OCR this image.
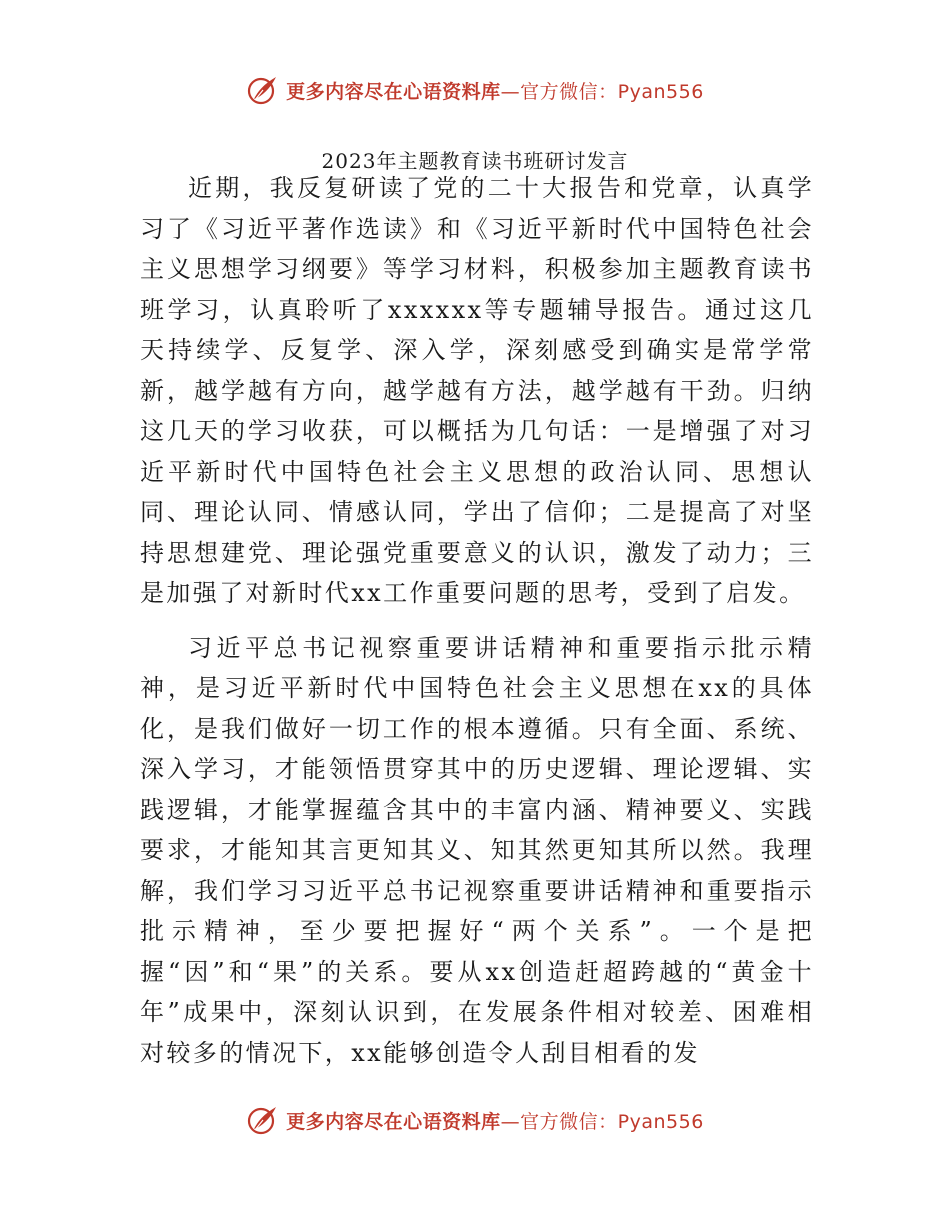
更多内容尽在心语资料库—官方微信：Pyan556
2023年主题教育读书班研讨发言

近期，我反复研读了党的二十大报告和党章，认真学习了《习近平著作选读》和《习近平新时代中国特色社会主义思想学习纲要》等学习材料，积极参加主题教育读书班学习，认真聆听了xxxxxx等专题辅导报告。通过这几天持续学、反复学、深入学，深刻感受到确实是常学常新，越学越有方向，越学越有方法，越学越有干劲。归纳这几天的学习收获，可以概括为几句话：一是增强了对习近平新时代中国特色社会主义思想的政治认同、思想认同、理论认同、情感认同，学出了信仰；二是提高了对坚持思想建党、理论强党重要意义的认识，激发了动力；三是加强了对新时代xx工作重要问题的思考，受到了启发。

习近平总书记视察重要讲话精神和重要指示批示精神，是习近平新时代中国特色社会主义思想在xx的具体化，是我们做好一切工作的根本遵循。只有全面、系统、深入学习，才能领悟贯穿其中的历史逻辑、理论逻辑、实践逻辑，才能掌握蕴含其中的丰富内涵、精神要义、实践要求，才能知其言更知其义、知其然更知其所以然。我理解，我们学习习近平总书记视察重要讲话精神和重要指示批示精神，至少要把握好“两个关系”。一个是把握“因”和“果”的关系。要从xx创造赶超跨越的“黄金十年”成果中，深刻认识到，在发展条件相对较差、困难相对较多的情况下，xx能够创造令人刮目相看的发

更多内容尽在心语资料库—官方微信：Pyan556
